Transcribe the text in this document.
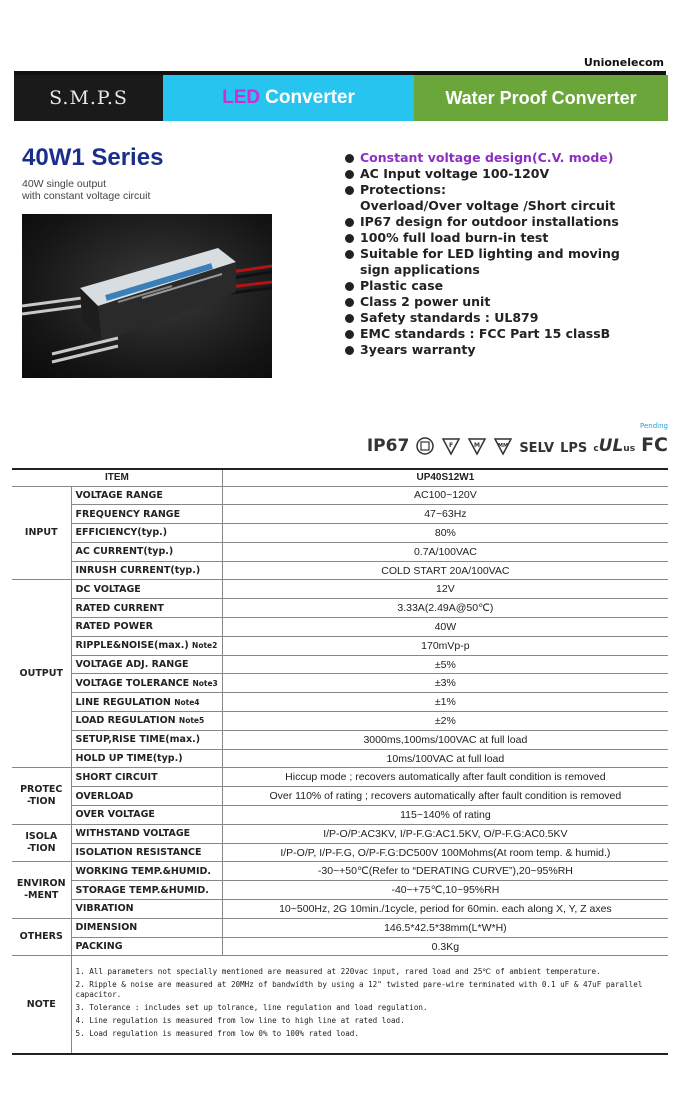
Unionelecom
S.M.P.S	LED Converter	Water Proof Converter
40W1 Series
40W single output
with constant voltage circuit
Constant voltage design(C.V. mode)
AC Input voltage 100-120V
Protections:
Overload/Over voltage /Short circuit
IP67 design for outdoor installations
100% full load burn-in test
Suitable for LED lighting and moving
sign applications
Plastic case
Class 2 power unit
Safety standards : UL879
EMC standards : FCC Part 15 classB
3years warranty
IP67	F	M	MM SELV LPS cULus
Pending
FC
ITEM		UP40S12W1
INPUT	VOLTAGE RANGE	AC100~120V
	FREQUENCY RANGE	47~63Hz
	EFFICIENCY(typ.)	80%
	AC CURRENT(typ.)	0.7A/100VAC
	INRUSH CURRENT(typ.)	COLD START 20A/100VAC
OUTPUT	DC VOLTAGE	12V
	RATED CURRENT	3.33A(2.49A@50℃)
	RATED POWER	40W
	RIPPLE&NOISE(max.) Note2	170mVp-p
	VOLTAGE ADJ. RANGE	±5%
	VOLTAGE TOLERANCE Note3	±3%
	LINE REGULATION Note4	±1%
	LOAD REGULATION Note5	±2%
	SETUP,RISE TIME(max.)	3000ms,100ms/100VAC at full load
	HOLD UP TIME(typ.)	10ms/100VAC at full load
PROTEC
-TION	SHORT CIRCUIT	Hiccup mode ; recovers automatically after fault condition is removed
	OVERLOAD	Over 110% of rating ; recovers automatically after fault condition is removed
	OVER VOLTAGE	115~140% of rating
ISOLA
-TION	WITHSTAND VOLTAGE	I/P-O/P:AC3KV, I/P-F.G:AC1.5KV, O/P-F.G:AC0.5KV
	ISOLATION RESISTANCE	I/P-O/P, I/P-F.G, O/P-F.G:DC500V 100Mohms(At room temp. & humid.)
ENVIRON
-MENT	WORKING TEMP.&HUMID.	-30~+50℃(Refer to “DERATING CURVE”),20~95%RH
	STORAGE TEMP.&HUMID.	-40~+75℃,10~95%RH
	VIBRATION	10~500Hz, 2G 10min./1cycle, period for 60min. each along X, Y, Z axes
OTHERS	DIMENSION	146.5*42.5*38mm(L*W*H)
	PACKING	0.3Kg
NOTE	1. All parameters not specially mentioned are measured at 220vac input, rared load and 25℃ of ambient temperature.

2. Ripple & noise are measured at 20MHz of bandwidth by using a 12" twisted pare-wire terminated with 0.1 uF & 47uF parallel capacitor.

3. Tolerance : includes set up tolrance, line regulation and load regulation.

4. Line regulation is measured from low line to high line at rated load.

5. Load regulation is measured from low 0% to 100% rated load.	
